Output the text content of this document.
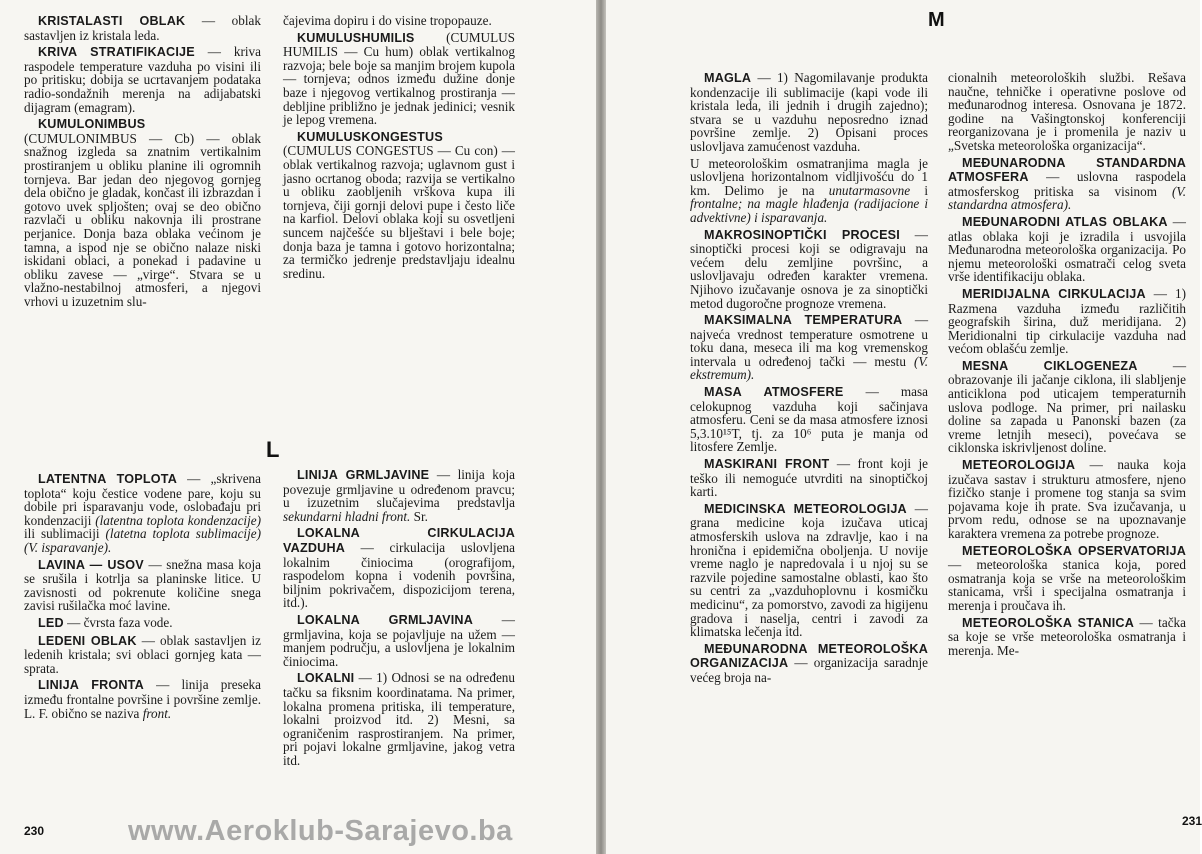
KRISTALASTI OBLAK — oblak sastavljen iz kristala leda.

KRIVA STRATIFIKACIJE — kriva raspodele temperature vazduha po visini ili po pritisku; dobija se ucrtavanjem podataka radio-sondažnih merenja na adijabatski dijagram (emagram).

KUMULONIMBUS (CUMULONIMBUS — Cb) — oblak snažnog izgleda sa znatnim vertikalnim prostiranjem u obliku planine ili ogromnih tornjeva. Bar jedan deo njegovog gornjeg dela obično je gladak, končast ili izbrazdan i gotovo uvek spljošten; ovaj se deo obično razvlači u obliku nakovnja ili prostrane perjanice. Donja baza oblaka većinom je tamna, a ispod nje se obično nalaze niski iskidani oblaci, a ponekad i padavine u obliku zavese — „virge“. Stvara se u vlažno-nestabilnoj atmosferi, a njegovi vrhovi u izuzetnim slu-

čajevima dopiru i do visine tropopauze.

KUMULUSHUMILIS (CUMULUS HUMILIS — Cu hum) oblak vertikalnog razvoja; bele boje sa manjim brojem kupola — tornjeva; odnos između dužine donje baze i njegovog vertikalnog prostiranja — debljine približno je jednak jedinici; vesnik je lepog vremena.

KUMULUSKONGESTUS (CUMULUS CONGESTUS — Cu con) — oblak vertikalnog razvoja; uglavnom gust i jasno ocrtanog oboda; razvija se vertikalno u obliku zaobljenih vrškova kupa ili tornjeva, čiji gornji delovi pupe i često liče na karfiol. Delovi oblaka koji su osvetljeni suncem najčešće su blještavi i bele boje; donja baza je tamna i gotovo horizontalna; za termičko jedrenje predstavljaju idealnu sredinu.

L

LATENTNA TOPLOTA — „skrivena toplota“ koju čestice vodene pare, koju su dobile pri isparavanju vode, oslobađaju pri kondenzaciji (latentna toplota kondenzacije) ili sublimaciji (latetna toplota sublimacije) (V. isparavanje).

LAVINA — USOV — snežna masa koja se srušila i kotrlja sa planinske litice. U zavisnosti od pokrenute količine snega zavisi rušilačka moć lavine.

LED — čvrsta faza vode.

LEDENI OBLAK — oblak sastavljen iz ledenih kristala; svi oblaci gornjeg kata — sprata.

LINIJA FRONTA — linija preseka između frontalne površine i površine zemlje. L. F. obično se naziva front.

LINIJA GRMLJAVINE — linija koja povezuje grmljavine u određenom pravcu; u izuzetnim slučajevima predstavlja sekundarni hladni front. Sr.

LOKALNA CIRKULACIJA VAZDUHA — cirkulacija uslovljena lokalnim činiocima (orografijom, raspodelom kopna i vodenih površina, biljnim pokrivačem, dispozicijom terena, itd.).

LOKALNA GRMLJAVINA — grmljavina, koja se pojavljuje na užem — manjem području, a uslovljena je lokalnim činiocima.

LOKALNI — 1) Odnosi se na određenu tačku sa fiksnim koordinatama. Na primer, lokalna promena pritiska, ili temperature, lokalni proizvod itd. 2) Mesni, sa ograničenim rasprostiranjem. Na primer, pri pojavi lokalne grmljavine, jakog vetra itd.

230
M

MAGLA — 1) Nagomilavanje produkta kondenzacije ili sublimacije (kapi vode ili kristala leda, ili jednih i drugih zajedno); stvara se u vazduhu neposredno iznad površine zemlje. 2) Opisani proces uslovljava zamućenost vazduha.

U meteorološkim osmatranjima magla je uslovljena horizontalnom vidljivošću do 1 km. Delimo je na unutarmasovne i frontalne; na magle hlađenja (radijacione i advektivne) i isparavanja.

MAKROSINOPTIČKI PROCESI — sinoptički procesi koji se odigravaju na većem delu zemljine površinc, a uslovljavaju određen karakter vremena. Njihovo izučavanje osnova je za sinoptički metod dugoročne prognoze vremena.

MAKSIMALNA TEMPERATURA — najveća vrednost temperature osmotrene u toku dana, meseca ili ma kog vremenskog intervala u određenoj tački — mestu (V. ekstremum).

MASA ATMOSFERE — masa celokupnog vazduha koji sačinjava atmosferu. Ceni se da masa atmosfere iznosi 5,3.10¹⁵T, tj. za 10⁶ puta je manja od litosfere Zemlje.

MASKIRANI FRONT — front koji je teško ili nemoguće utvrditi na sinoptičkoj karti.

MEDICINSKA METEOROLOGIJA — grana medicine koja izučava uticaj atmosferskih uslova na zdravlje, kao i na hronična i epidemična oboljenja. U novije vreme naglo je napredovala i u njoj su se razvile pojedine samostalne oblasti, kao što su centri za „vazduhoplovnu i kosmičku medicinu“, za pomorstvo, zavodi za higijenu gradova i naselja, centri i zavodi za klimatska lečenja itd.

MEĐUNARODNA METEOROLOŠKA ORGANIZACIJA — organizacija saradnje većeg broja na-

cionalnih meteoroloških službi. Rešava naučne, tehničke i operativne poslove od međunarodnog interesa. Osnovana je 1872. godine na Vašingtonskoj konferenciji reorganizovana je i promenila je naziv u „Svetska meteorološka organizacija“.

MEĐUNARODNA STANDARDNA ATMOSFERA — uslovna raspodela atmosferskog pritiska sa visinom (V. standardna atmosfera).

MEĐUNARODNI ATLAS OBLAKA — atlas oblaka koji je izradila i usvojila Međunarodna meteorološka organizacija. Po njemu meteorološki osmatrači celog sveta vrše identifikaciju oblaka.

MERIDIJALNA CIRKULACIJA — 1) Razmena vazduha između različitih geografskih širina, duž meridijana. 2) Meridionalni tip cirkulacije vazduha nad većom oblašću zemlje.

MESNA CIKLOGENEZA — obrazovanje ili jačanje ciklona, ili slabljenje anticiklona pod uticajem temperaturnih uslova podloge. Na primer, pri nailasku doline sa zapada u Panonski bazen (za vreme letnjih meseci), povećava se ciklonska iskrivljenost doline.

METEOROLOGIJA — nauka koja izučava sastav i strukturu atmosfere, njeno fizičko stanje i promene tog stanja sa svim pojavama koje ih prate. Sva izučavanja, u prvom redu, odnose se na upoznavanje karaktera vremena za potrebe prognoze.

METEOROLOŠKA OPSERVATORIJA — meteorološka stanica koja, pored osmatranja koja se vrše na meteorološkim stanicama, vrši i specijalna osmatranja i merenja i proučava ih.

METEOROLOŠKA STANICA — tačka sa koje se vrše meteorološka osmatranja i merenja. Me-

231
www.Aeroklub-Sarajevo.ba
